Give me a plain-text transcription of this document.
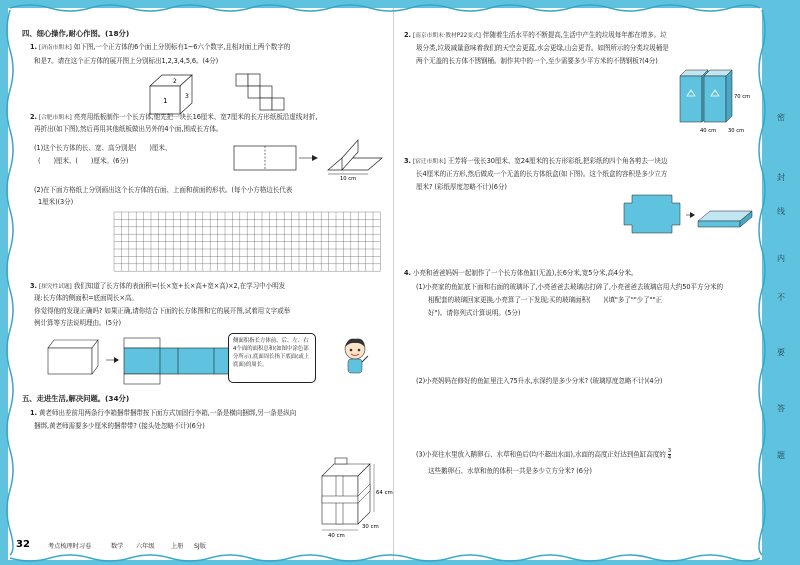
四、细心操作,耐心作图。(18分)
1. [济南市期末] 如下图,一个正方体的6个面上分别标有1~6六个数字,且相对面上两个数字的
和是7。请在这个正方体的展开图上分别标出1,2,3,4,5,6。(4分)
1
2
3
2. [合肥市期末] 亮亮用纸板制作一个长方体,他先把一块长16厘米、宽7厘米的长方形纸板沿虚线对折,
再折出(如下图),然后再用其他纸板做出另外的4个面,围成长方体。
(1)这个长方体的长、宽、高分别是(　　)厘米、
(　　)厘米、(　　)厘米。(6分)
10 cm
(2)在下面方格纸上分别画出这个长方体的右面、上面和前面的形状。(每个小方格边长代表
1厘米)(3分)
3. [探究性试题] 我们知道了长方体的表面积=(长×宽+长×高+宽×高)×2,在学习中小明发
现:长方体的侧面积=底面周长×高。
你觉得他的发现正确吗? 如果正确,请你结合下面的长方体图和它的展开图,试着用文字或举
例计算等方法说明理由。(5分)
侧面积指长方体前、后、左、右4个面的面积总和(如图中涂色部分所示),底面周长指下底面(或上底面)的周长。
五、走进生活,解决问题。(34分)
1. 黄老师出差前用两条行李箱捆带捆带按下面方式加固行李箱,一条是横向捆绑,另一条是纵向
捆绑,黄老师需要多少厘米的捆带带? (接头处忽略不计)(6分)
64 cm
40 cm
30 cm
32	考点梳理时习卷	数学 六年级	上册 SJ版
2. [南京市期末·教材P22变式] 伴随着生活水平的不断提高,生活中产生的垃圾每年都在增多。垃
圾分类,垃圾减量意味着我们的天空会更蓝,水会更绿,山会更青。如图所示的分类垃圾桶是
两个无盖的长方体不锈钢桶。制作其中的一个,至少需要多少平方米的不锈钢板?(4分)
70 cm
40 cm 30 cm
3. [宿迁市期末] 王芳将一张长30厘米、宽24厘米的长方形彩纸,把彩纸的四个角各剪去一块边
长4厘米的正方形,然后做成一个无盖的长方体纸盒(如下图)。这个纸盒的容积是多少立方
厘米? (彩纸厚度忽略不计)(6分)
4. 小亮和爸爸妈妈一起制作了一个长方体鱼缸(无盖),长6分米,宽5分米,高4分米。
(1)小亮家的鱼缸底下面和右面的玻璃坏了,小亮爸爸去玻璃店打碎了,小亮爸爸去玻璃店用大约50平方分米的
相配套的玻璃回家更换,小亮算了一下发现;买的玻璃面积(　　)(填"多了""少了""正
好")。请你列式计算说明。(5分)
(2)小亮妈妈在修好的鱼缸里注入75升水,水深约是多少分米? (玻璃厚度忽略不计)(4分)
(3)小亮往水里放入鹅卵石、水草和鱼后(均不超出水面),水面的高度正好达到鱼缸高度的 $\frac{3}{4}$
这些鹅卵石、水草和鱼的体积一共是多少立方分米? (6分)
密
封
线
内
不
要
答
题
